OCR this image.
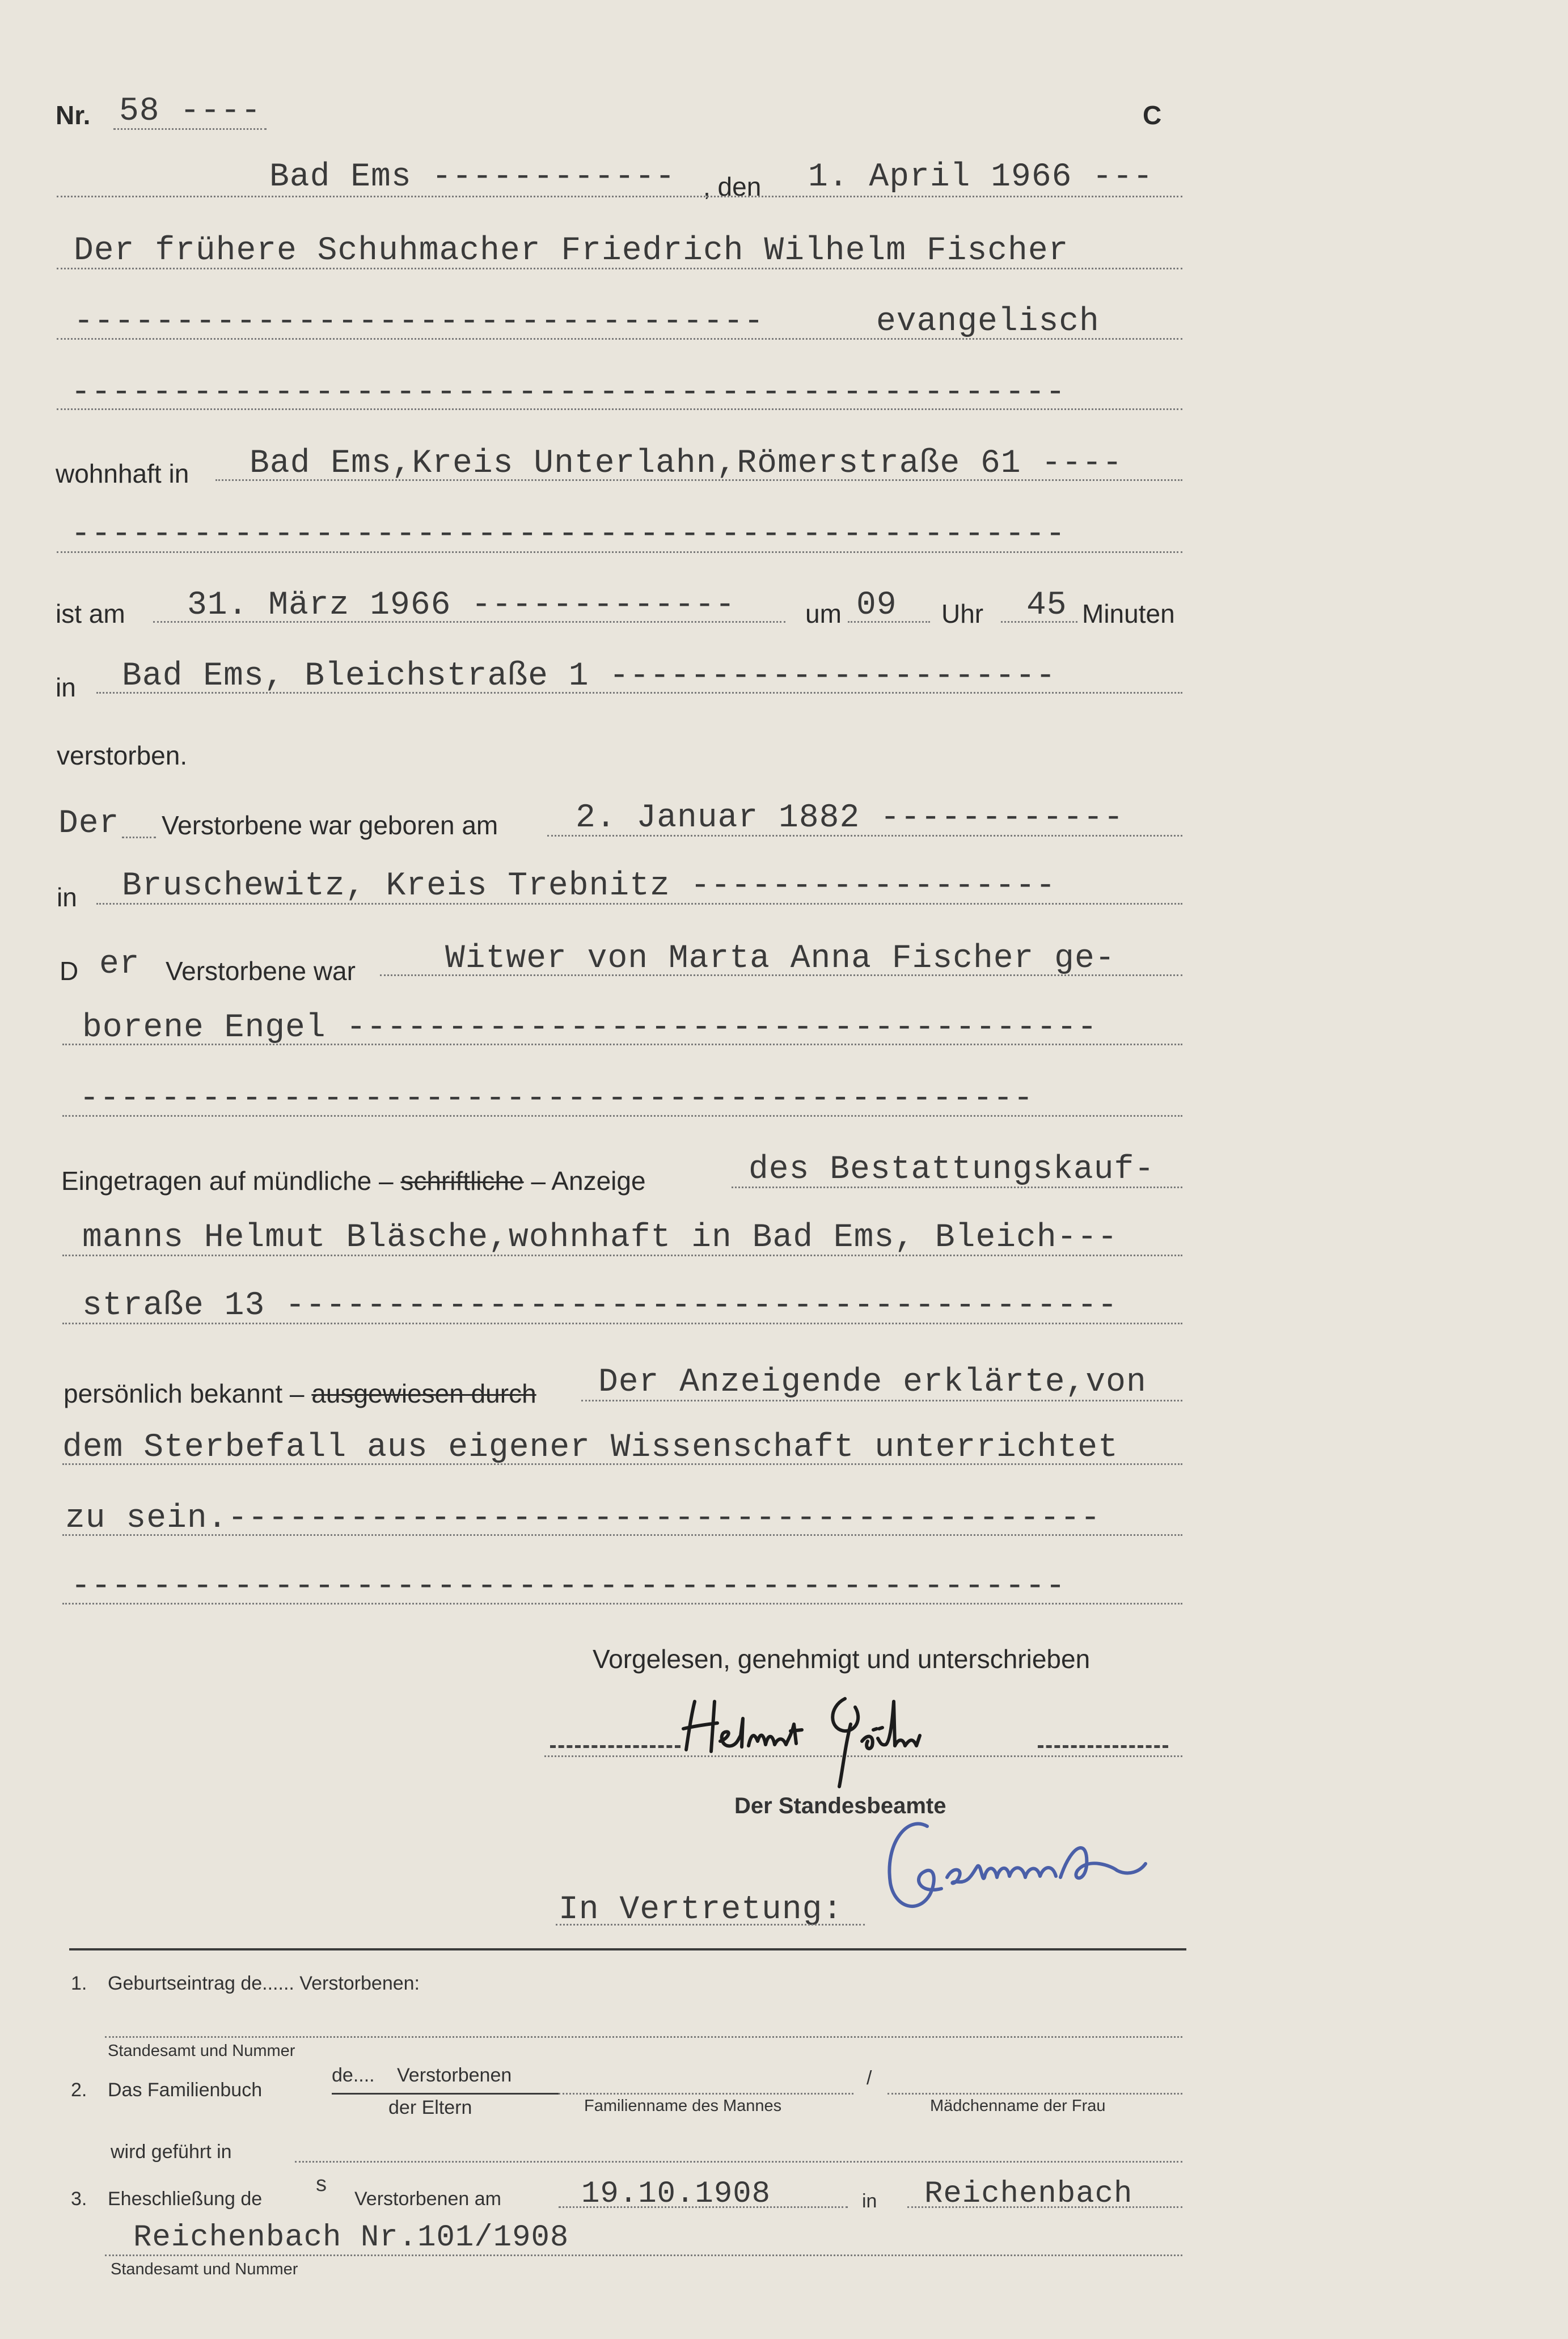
Nr. 58 ----	C
Bad Ems ------------ , den 1. April 1966 ---
Der frühere Schuhmacher Friedrich Wilhelm Fischer
----------------------------------	evangelisch
-------------------------------------------------
wohnhaft in Bad Ems,Kreis Unterlahn,Römerstraße 61 ----
-------------------------------------------------
ist am 31. März 1966 -------------	um 09 Uhr 45 Minuten
in Bad Ems, Bleichstraße 1 ----------------------
verstorben.
Der Verstorbene war geboren am 2. Januar 1882 ------------
in Bruschewitz, Kreis Trebnitz ------------------
D er Verstorbene war	Witwer von Marta Anna Fischer ge-
borene Engel -------------------------------------
-----------------------------------------------
Eingetragen auf mündliche – schriftliche – Anzeige	des Bestattungskauf-
manns Helmut Bläsche,wohnhaft in Bad Ems, Bleich---
straße 13 -----------------------------------------
persönlich bekannt – ausgewiesen durch Der Anzeigende erklärte,von
dem Sterbefall aus eigener Wissenschaft unterrichtet
zu sein.-------------------------------------------
-------------------------------------------------
Vorgelesen, genehmigt und unterschrieben
Der Standesbeamte
In Vertretung:
1. Geburtseintrag de...... Verstorbenen:
Standesamt und Nummer
2. Das Familienbuch
de.... Verstorbenen
der Eltern	Familienname des Mannes
/
Mädchenname der Frau
wird geführt in
3. Eheschließung de
s
Verstorbenen am	19.10.1908	in Reichenbach
Reichenbach Nr.101/1908
Standesamt und Nummer
